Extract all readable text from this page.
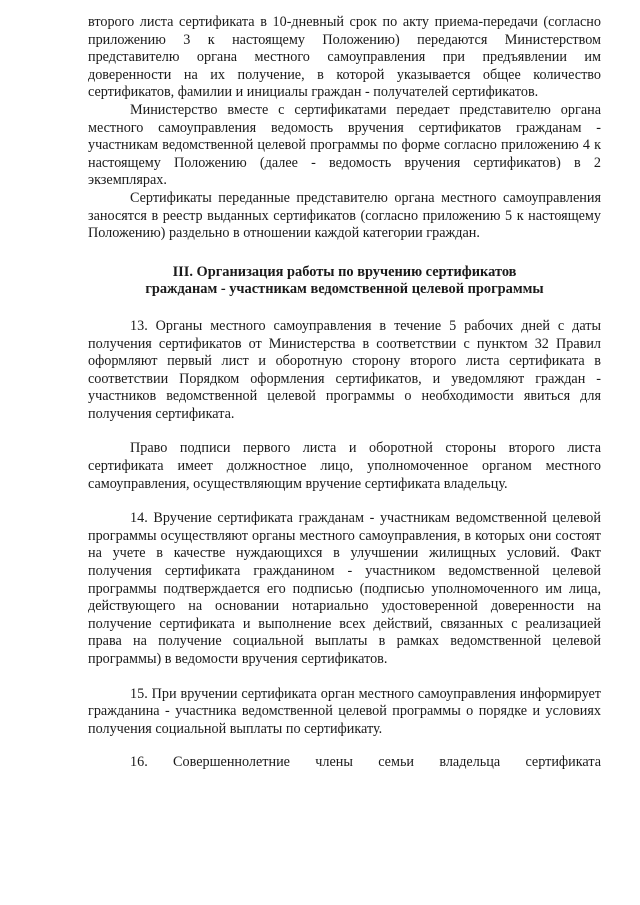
второго листа сертификата в 10-дневный срок по акту приема-передачи (согласно приложению 3 к настоящему Положению) передаются Министерством представителю органа местного самоуправления при предъявлении им доверенности на их получение, в которой указывается общее количество сертификатов, фамилии и инициалы граждан - получателей сертификатов.

Министерство вместе с сертификатами передает представителю органа местного самоуправления ведомость вручения сертификатов гражданам - участникам ведомственной целевой программы по форме согласно приложению 4 к настоящему Положению (далее - ведомость вручения сертификатов) в 2 экземплярах.

Сертификаты переданные представителю органа местного самоуправления заносятся в реестр выданных сертификатов (согласно приложению 5 к настоящему Положению) раздельно в отношении каждой категории граждан.

III. Организация работы по вручению сертификатов
гражданам - участникам ведомственной целевой программы

13. Органы местного самоуправления в течение 5 рабочих дней с даты получения сертификатов от Министерства в соответствии с пунктом 32 Правил оформляют первый лист и оборотную сторону второго листа сертификата в соответствии Порядком оформления сертификатов, и уведомляют граждан - участников ведомственной целевой программы о необходимости явиться для получения сертификата.

Право подписи первого листа и оборотной стороны второго листа сертификата имеет должностное лицо, уполномоченное органом местного самоуправления, осуществляющим вручение сертификата владельцу.

14. Вручение сертификата гражданам - участникам ведомственной целевой программы осуществляют органы местного самоуправления, в которых они состоят на учете в качестве нуждающихся в улучшении жилищных условий. Факт получения сертификата гражданином - участником ведомственной целевой программы подтверждается его подписью (подписью уполномоченного им лица, действующего на основании нотариально удостоверенной доверенности на получение сертификата и выполнение всех действий, связанных с реализацией права на получение социальной выплаты в рамках ведомственной целевой программы) в ведомости вручения сертификатов.

15. При вручении сертификата орган местного самоуправления информирует гражданина - участника ведомственной целевой программы о порядке и условиях получения социальной выплаты по сертификату.

16. Совершеннолетние члены семьи владельца сертификата
